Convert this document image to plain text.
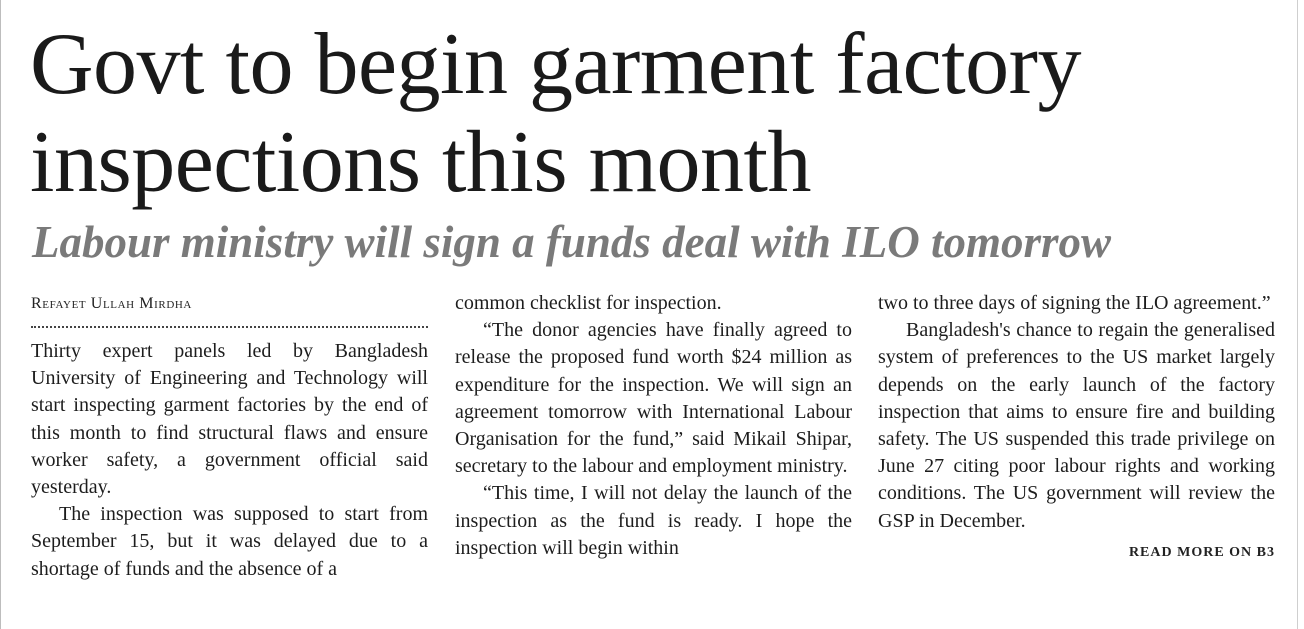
Govt to begin garment factory
inspections this month
Labour ministry will sign a funds deal with ILO tomorrow
Refayet Ullah Mirdha

Thirty expert panels led by Bangladesh University of Engineering and Technology will start inspecting garment factories by the end of this month to find structural flaws and ensure worker safety, a government official said yesterday.

The inspection was supposed to start from September 15, but it was delayed due to a shortage of funds and the absence of a

common checklist for inspection.

“The donor agencies have finally agreed to release the proposed fund worth $24 million as expenditure for the inspection. We will sign an agreement tomorrow with International Labour Organisation for the fund,” said Mikail Shipar, secretary to the labour and employment ministry.

“This time, I will not delay the launch of the inspection as the fund is ready. I hope the inspection will begin within

two to three days of signing the ILO agreement.”

Bangladesh's chance to regain the generalised system of preferences to the US market largely depends on the early launch of the factory inspection that aims to ensure fire and building safety. The US suspended this trade privilege on June 27 citing poor labour rights and working conditions. The US government will review the GSP in December.

READ MORE ON B3
